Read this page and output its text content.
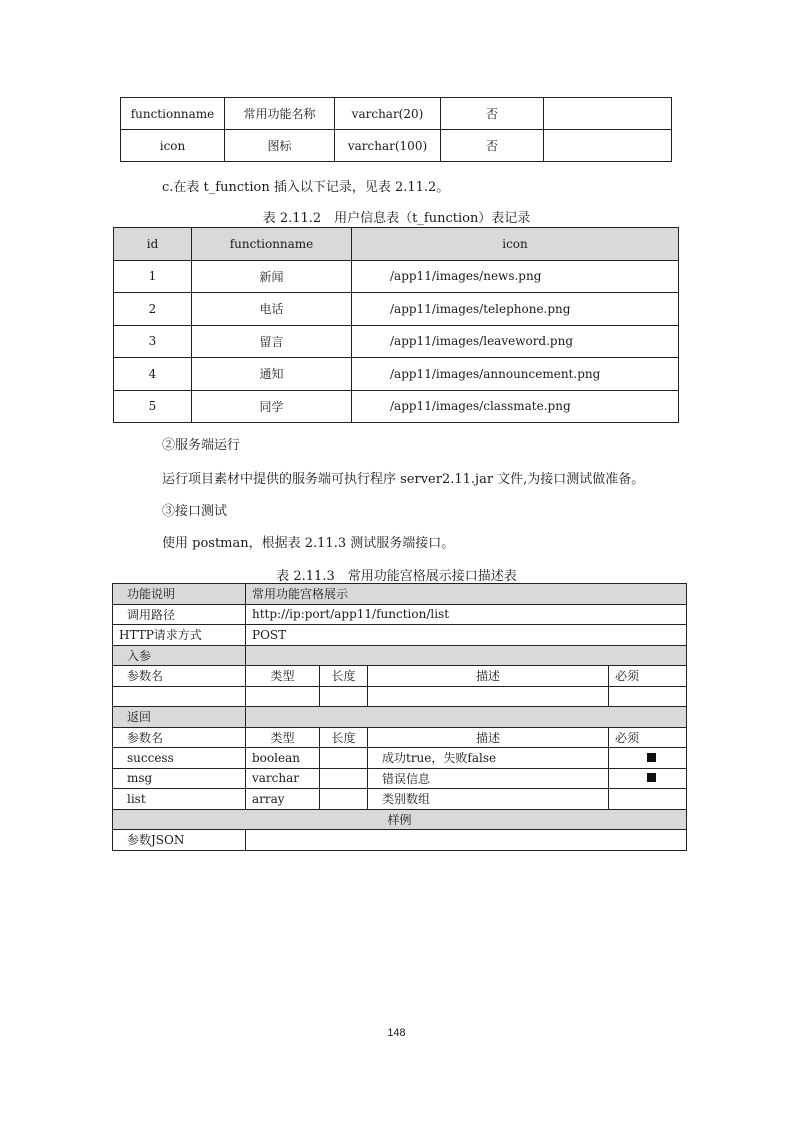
functionname	常用功能名称	varchar(20)	否	
icon	图标	varchar(100)	否	
c.在表 t_function 插入以下记录，见表 2.11.2。
表 2.11.2　用户信息表（t_function）表记录
id	functionname	icon
1	新闻	/app11/images/news.png
2	电话	/app11/images/telephone.png
3	留言	/app11/images/leaveword.png
4	通知	/app11/images/announcement.png
5	同学	/app11/images/classmate.png
②服务端运行
运行项目素材中提供的服务端可执行程序 server2.11.jar 文件,为接口测试做准备。
③接口测试
使用 postman，根据表 2.11.3 测试服务端接口。
表 2.11.3　常用功能宫格展示接口描述表
功能说明	常用功能宫格展示			
调用路径	http://ip:port/app11/function/list			
HTTP请求方式	POST			
入参				
参数名	类型	长度	描述	必须

返回				
参数名	类型	长度	描述	必须
success	boolean		成功true，失败false	
msg	varchar		错误信息	
list	array		类别数组	
样例				
参数JSON				
148
